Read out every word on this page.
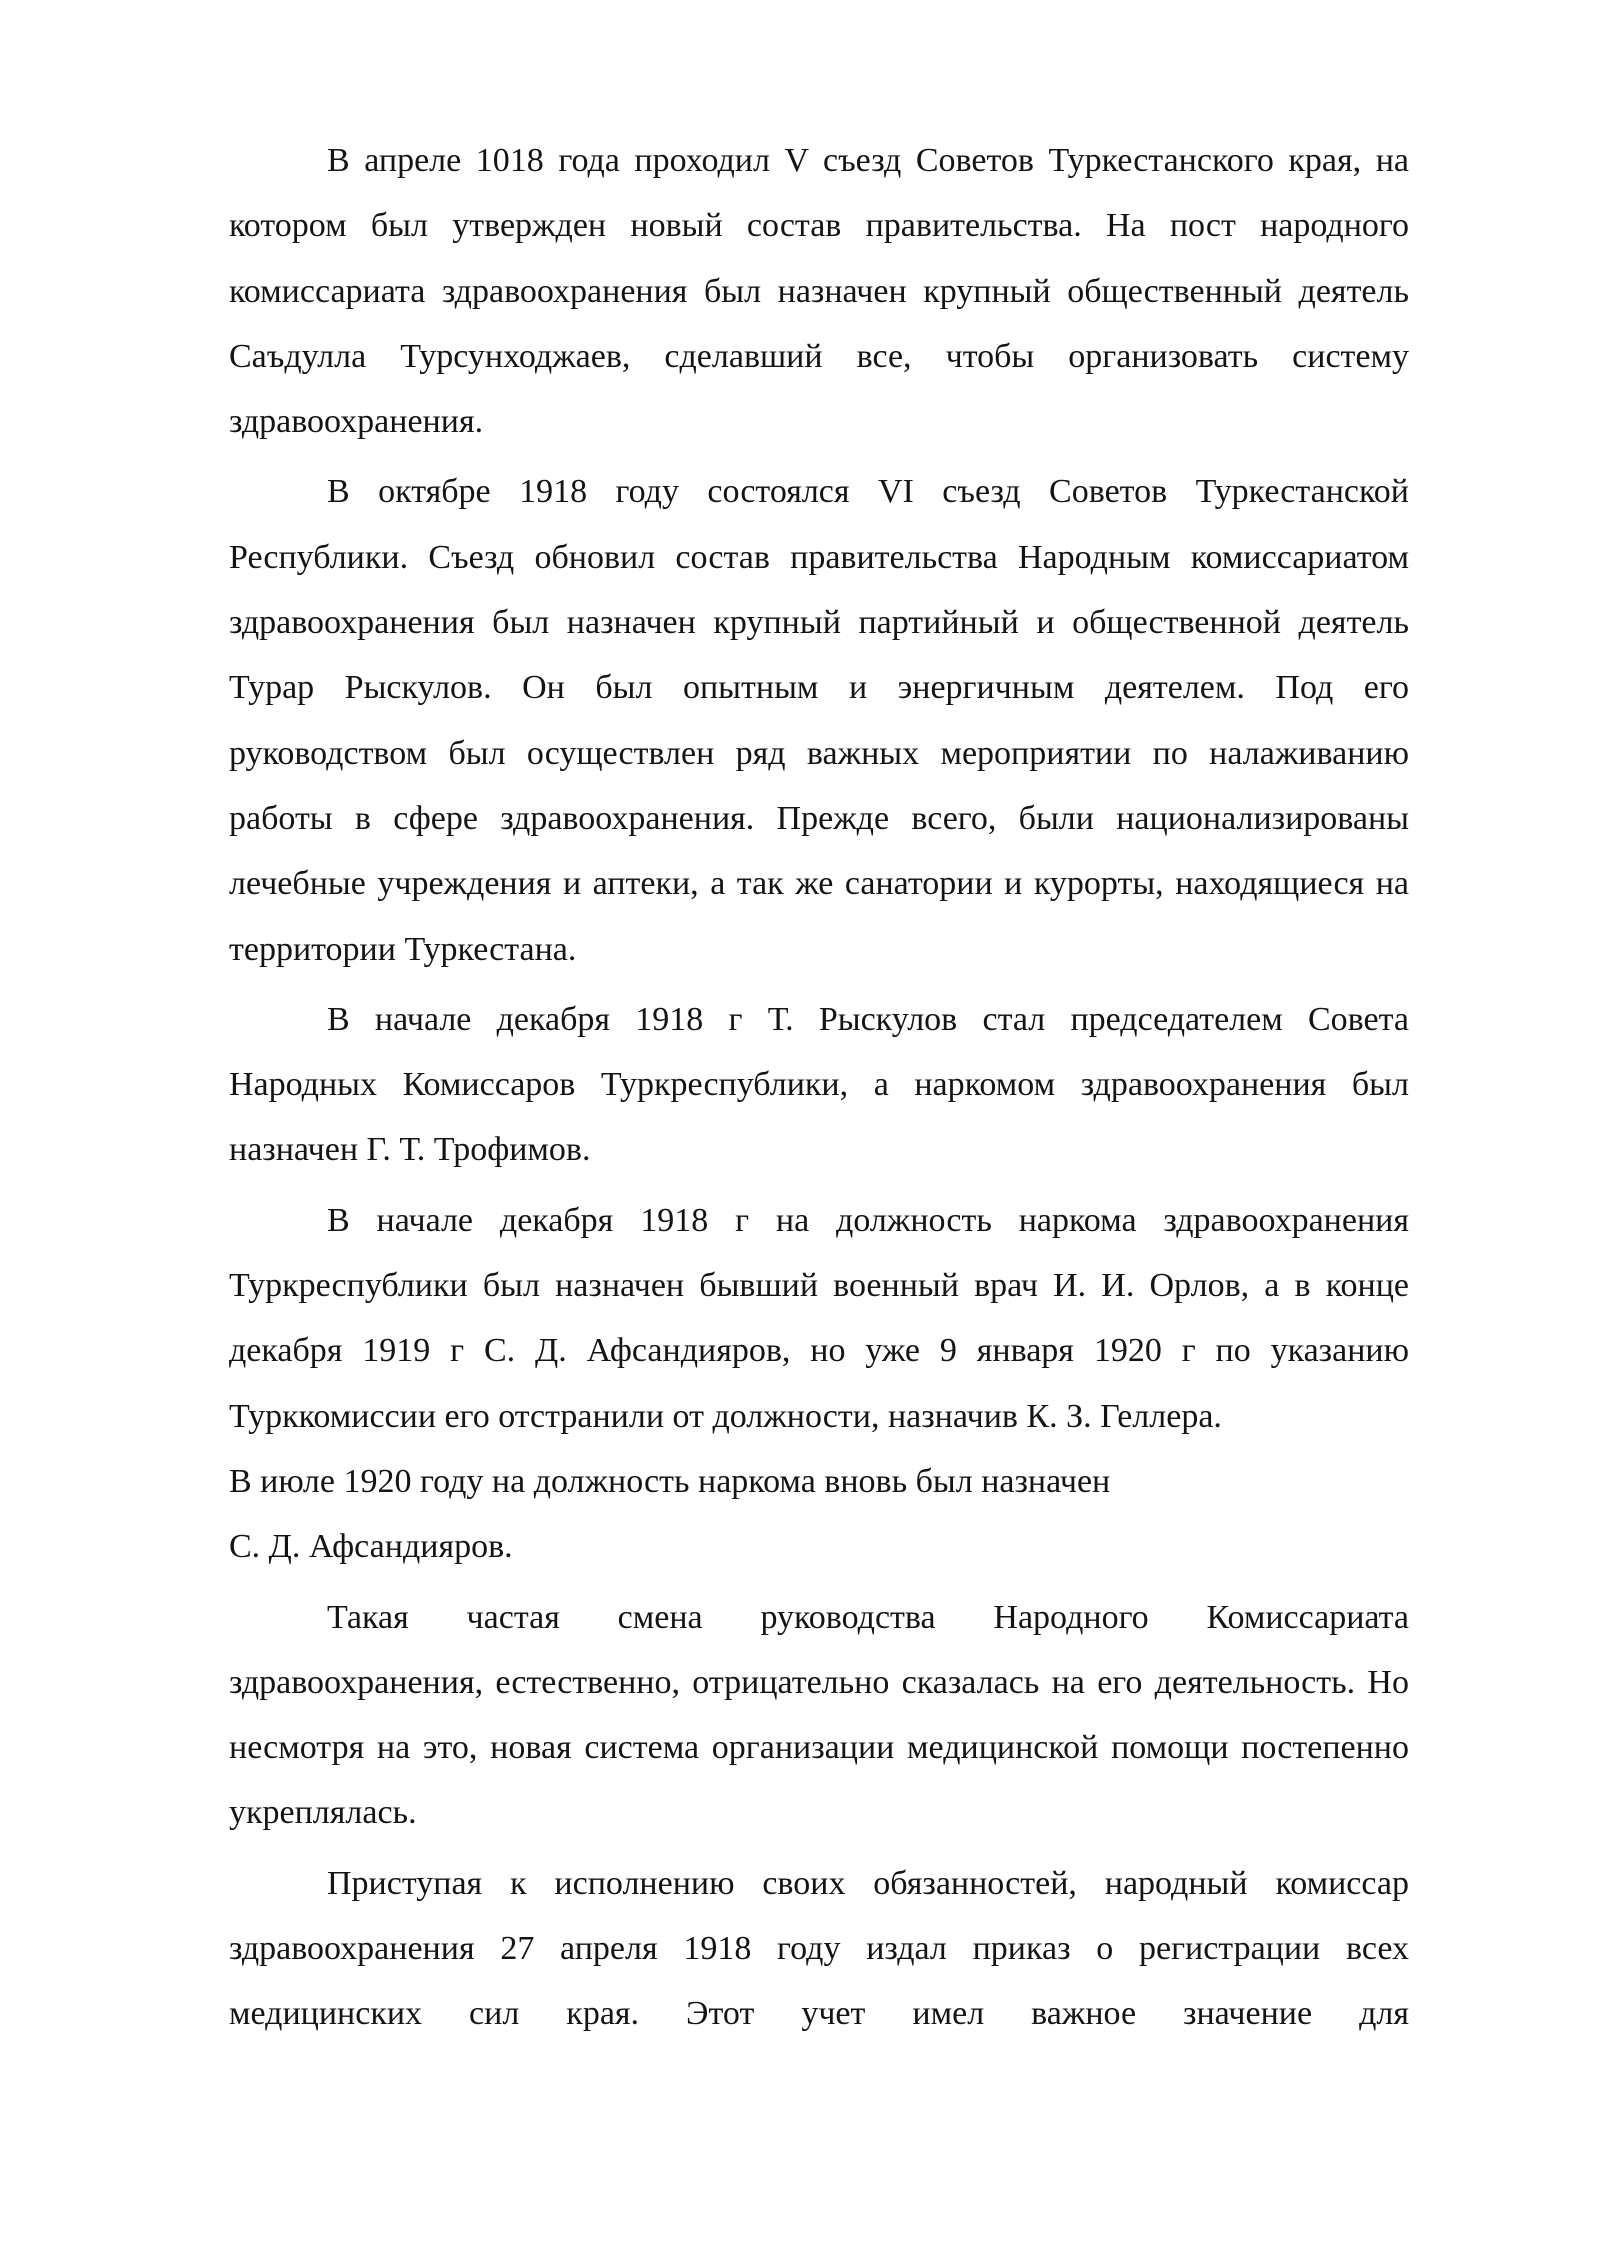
В апреле 1018 года проходил V съезд Советов Туркестанского края, на котором был утвержден новый состав правительства. На пост народного комиссариата здравоохранения был назначен крупный общественный деятель Саъдулла Турсунходжаев, сделавший все, чтобы организовать систему здравоохранения.

В октябре 1918 году состоялся VI съезд Советов Туркестанской Республики. Съезд обновил состав правительства Народным комиссариатом здравоохранения был назначен крупный партийный и общественной деятель Турар Рыскулов. Он был опытным и энергичным деятелем. Под его руководством был осуществлен ряд важных мероприятии по налаживанию работы в сфере здравоохранения. Прежде всего, были национализированы лечебные учреждения и аптеки, а так же санатории и курорты, находящиеся на территории Туркестана.

В начале декабря 1918 г Т. Рыскулов стал председателем Совета Народных Комиссаров Туркреспублики, а наркомом здравоохранения был назначен Г. Т. Трофимов.

В начале декабря 1918 г на должность наркома здравоохранения Туркреспублики был назначен бывший военный врач И. И. Орлов, а в конце декабря 1919 г С. Д. Афсандияров, но уже 9 января 1920 г по указанию Турккомиссии его отстранили от должности, назначив К. З. Геллера.

В июле 1920 году на должность наркома вновь был назначен
С. Д. Афсандияров.

Такая частая смена руководства Народного Комиссариата здравоохранения, естественно, отрицательно сказалась на его деятельность. Но несмотря на это, новая система организации медицинской помощи постепенно укреплялась.

Приступая к исполнению своих обязанностей, народный комиссар здравоохранения 27 апреля 1918 году издал приказ о регистрации всех медицинских сил края. Этот учет имел важное значение для
